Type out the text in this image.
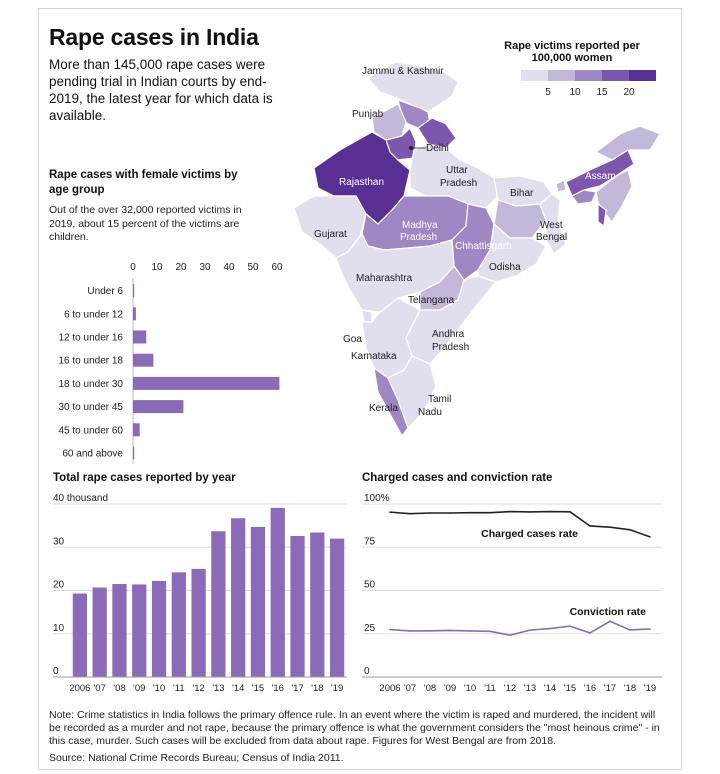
Rape cases in India
More than 145,000 rape cases were pending trial in Indian courts by end-2019, the latest year for which data is available.
Rape victims reported per 100,000 women
5 10 15 20
Jammu & Kashmir
Punjab
Delhi
Rajasthan
Uttar
Pradesh
Bihar
Assam
West
Bengal
Gujarat
Madhya
Pradesh
Chhattisgarh
Odisha
Maharashtra
Telangana
Goa	Andhra
Pradesh
Karnataka
Kerala
Tamil
Nadu
Rape cases with female victims by age group
Out of the over 32,000 reported victims in 2019, about 15 percent of the victims are children.
Total rape cases reported by year	Charged cases and conviction rate
0 10 20 30 40 50 60
Under 6
6 to under 12
12 to under 16
16 to under 18
18 to under 30
30 to under 45
45 to under 60
60 and above
0
10
20
30
40 thousand
2006 '07 '08 '09 '10 '11 '12 '13 '14 '15 '16 '17 '18 '19
0
25
50
75
100%
2006 '07 '08 '09 '10 '11 '12 '13 '14 '15 '16 '17 '18 '19
Charged cases rate
Conviction rate
Note: Crime statistics in India follows the primary offence rule. In an event where the victim is raped and murdered, the incident will be recorded as a murder and not rape, because the primary offence is what the government considers the "most heinous crime" - in this case, murder. Such cases will be excluded from data about rape. Figures for West Bengal are from 2018.
Source: National Crime Records Bureau; Census of India 2011.
